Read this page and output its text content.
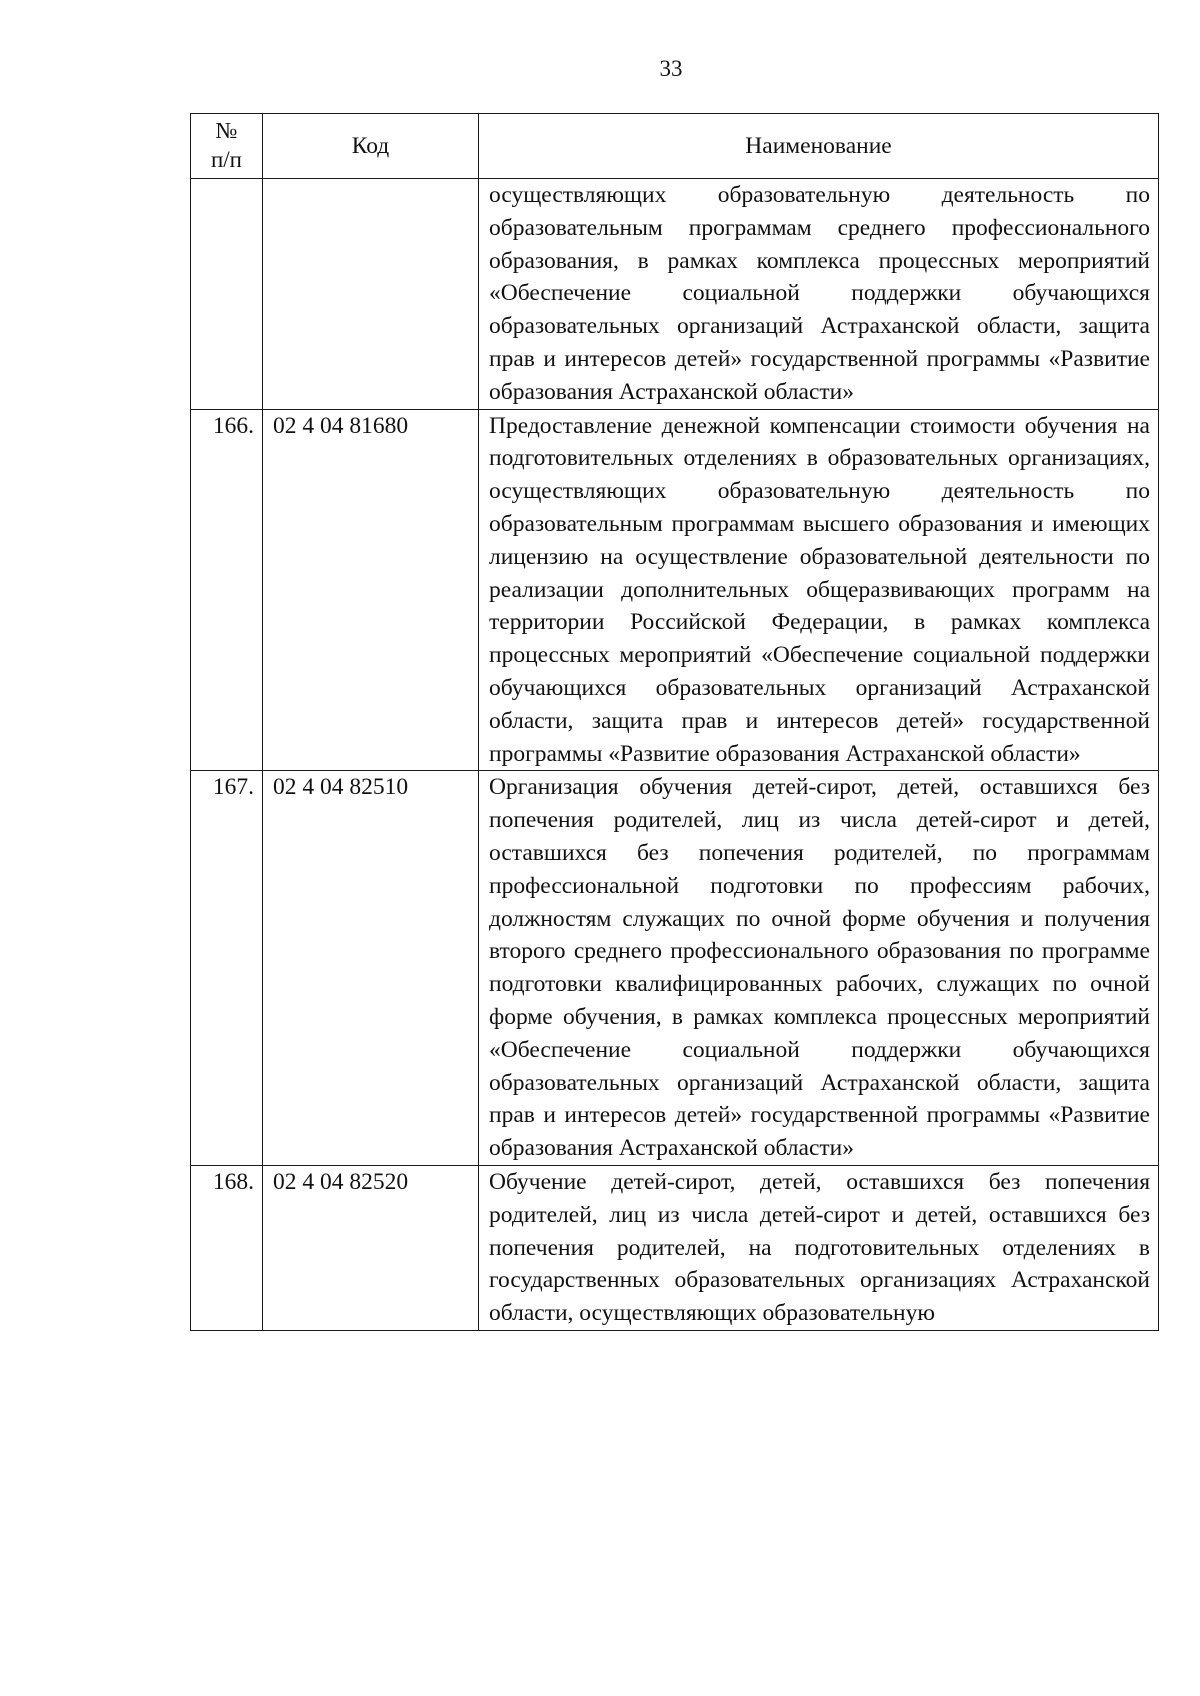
33
№
п/п	Код	Наименование
		осуществляющих образовательную деятельность по образовательным программам среднего профессионального образования, в рамках комплекса процессных мероприятий «Обеспечение социальной поддержки обучающихся образовательных организаций Астраханской области, защита прав и интересов детей» государственной программы «Развитие образования Астраханской области»
166.	02 4 04 81680	Предоставление денежной компенсации стоимости обучения на подготовительных отделениях в образовательных организациях, осуществляющих образовательную деятельность по образовательным программам высшего образования и имеющих лицензию на осуществление образовательной деятельности по реализации дополнительных общеразвивающих программ на территории Российской Федерации, в рамках комплекса процессных мероприятий «Обеспечение социальной поддержки обучающихся образовательных организаций Астраханской области, защита прав и интересов детей» государственной программы «Развитие образования Астраханской области»
167.	02 4 04 82510	Организация обучения детей-сирот, детей, оставшихся без попечения родителей, лиц из числа детей-сирот и детей, оставшихся без попечения родителей, по программам профессиональной подготовки по профессиям рабочих, должностям служащих по очной форме обучения и получения второго среднего профессионального образования по программе подготовки квалифицированных рабочих, служащих по очной форме обучения, в рамках комплекса процессных мероприятий «Обеспечение социальной поддержки обучающихся образовательных организаций Астраханской области, защита прав и интересов детей» государственной программы «Развитие образования Астраханской области»
168.	02 4 04 82520	Обучение детей-сирот, детей, оставшихся без попечения родителей, лиц из числа детей-сирот и детей, оставшихся без попечения родителей, на подготовительных отделениях в государственных образовательных организациях Астраханской области, осуществляющих образовательную
